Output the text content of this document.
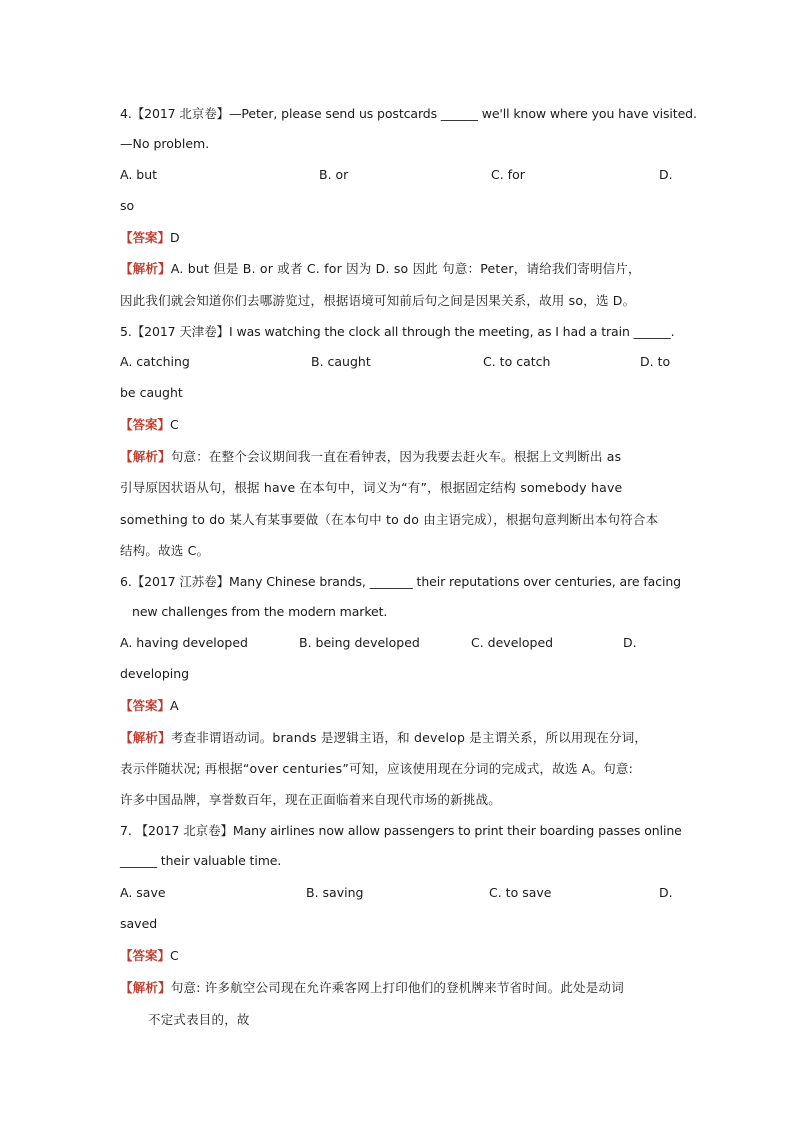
4.【2017 北京卷】—Peter, please send us postcards ______ we'll know where you have visited.
—No problem.
A. but	B. or	C. for	D.
so
【答案】D
【解析】A. but 但是 B. or 或者 C. for 因为 D. so 因此 句意：Peter，请给我们寄明信片，
因此我们就会知道你们去哪游览过，根据语境可知前后句之间是因果关系，故用 so，选 D。
5.【2017 天津卷】I was watching the clock all through the meeting, as I had a train ______.
A. catching	B. caught	C. to catch	D. to
be caught
【答案】C
【解析】句意：在整个会议期间我一直在看钟表，因为我要去赶火车。根据上文判断出 as
引导原因状语从句，根据 have 在本句中，词义为“有”，根据固定结构 somebody have
something to do 某人有某事要做（在本句中 to do 由主语完成），根据句意判断出本句符合本
结构。故选 C。
6.【2017 江苏卷】Many Chinese brands, _______ their reputations over centuries, are facing
new challenges from the modern market.
A. having developed	B. being developed	C. developed	D.
developing
【答案】A
【解析】考查非谓语动词。brands 是逻辑主语，和 develop 是主谓关系，所以用现在分词，
表示伴随状况; 再根据“over centuries”可知，应该使用现在分词的完成式，故选 A。句意:
许多中国品牌，享誉数百年，现在正面临着来自现代市场的新挑战。
7. 【2017 北京卷】Many airlines now allow passengers to print their boarding passes online
______ their valuable time.
A. save	B. saving	C. to save	D.
saved
【答案】C
【解析】句意: 许多航空公司现在允许乘客网上打印他们的登机牌来节省时间。此处是动词
不定式表目的，故
